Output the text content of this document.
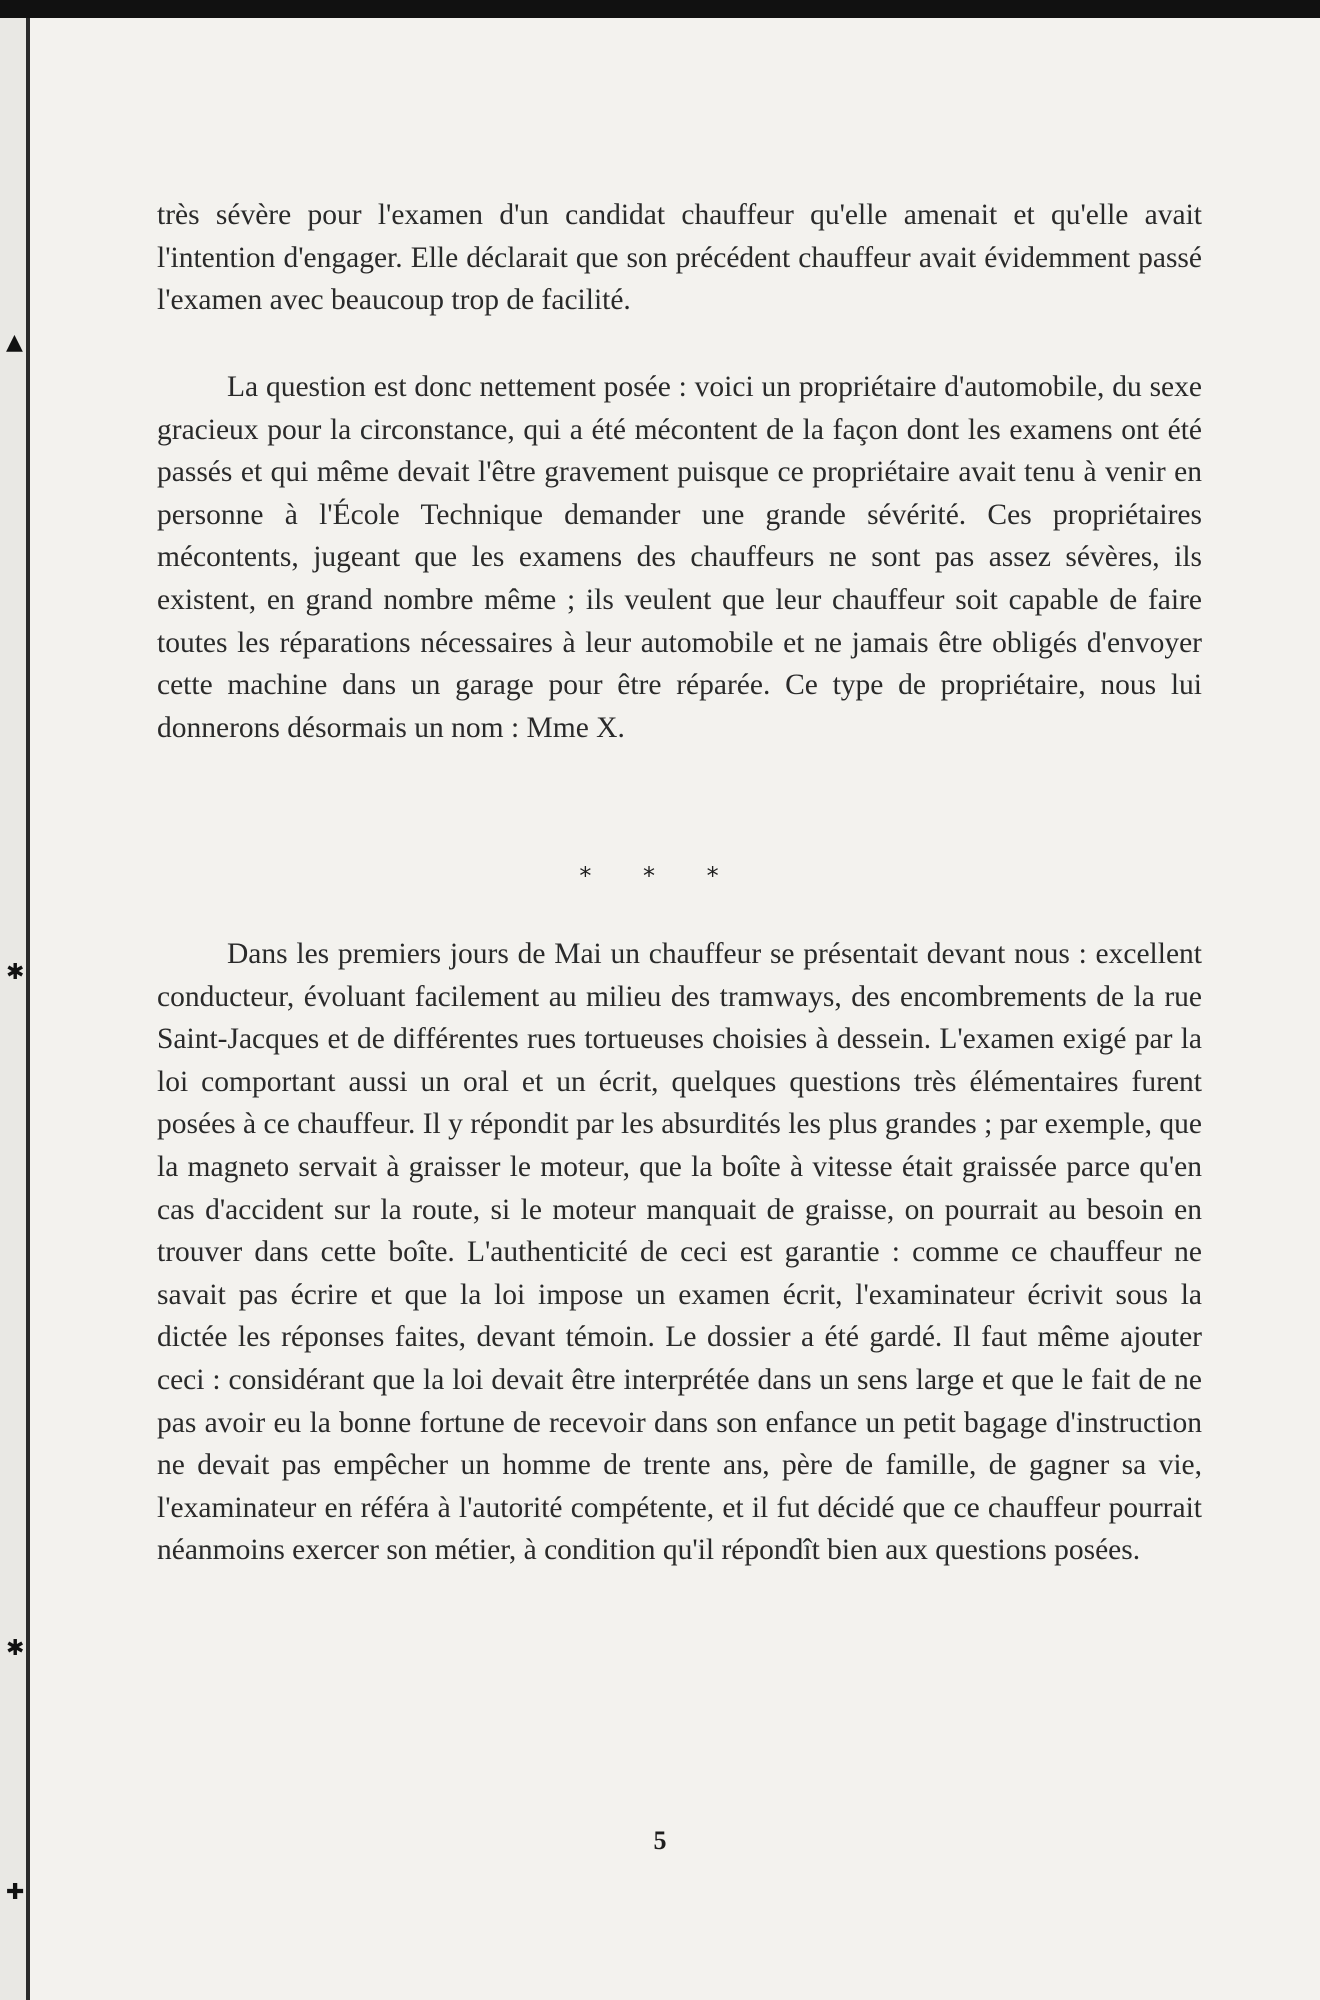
▲
✱
✱
✚

très sévère pour l'examen d'un candidat chauffeur qu'elle amenait et qu'elle avait l'intention d'engager. Elle déclarait que son précédent chauffeur avait évidemment passé l'examen avec beaucoup trop de facilité.

La question est donc nettement posée : voici un propriétaire d'automobile, du sexe gracieux pour la circonstance, qui a été mécontent de la façon dont les examens ont été passés et qui même devait l'être gravement puisque ce propriétaire avait tenu à venir en personne à l'École Technique demander une grande sévérité. Ces propriétaires mécontents, jugeant que les examens des chauffeurs ne sont pas assez sévères, ils existent, en grand nombre même ; ils veulent que leur chauffeur soit capable de faire toutes les réparations nécessaires à leur automobile et ne jamais être obligés d'envoyer cette machine dans un garage pour être réparée. Ce type de propriétaire, nous lui donnerons désormais un nom : Mme X.

* * *

Dans les premiers jours de Mai un chauffeur se présentait devant nous : excellent conducteur, évoluant facilement au milieu des tramways, des encombrements de la rue Saint-Jacques et de différentes rues tortueuses choisies à dessein. L'examen exigé par la loi comportant aussi un oral et un écrit, quelques questions très élémentaires furent posées à ce chauffeur. Il y répondit par les absurdités les plus grandes ; par exemple, que la magneto servait à graisser le moteur, que la boîte à vitesse était graissée parce qu'en cas d'accident sur la route, si le moteur manquait de graisse, on pourrait au besoin en trouver dans cette boîte. L'authenticité de ceci est garantie : comme ce chauffeur ne savait pas écrire et que la loi impose un examen écrit, l'examinateur écrivit sous la dictée les réponses faites, devant témoin. Le dossier a été gardé. Il faut même ajouter ceci : considérant que la loi devait être interprétée dans un sens large et que le fait de ne pas avoir eu la bonne fortune de recevoir dans son enfance un petit bagage d'instruction ne devait pas empêcher un homme de trente ans, père de famille, de gagner sa vie, l'examinateur en référa à l'autorité compétente, et il fut décidé que ce chauffeur pourrait néanmoins exercer son métier, à condition qu'il répondît bien aux questions posées.

5
